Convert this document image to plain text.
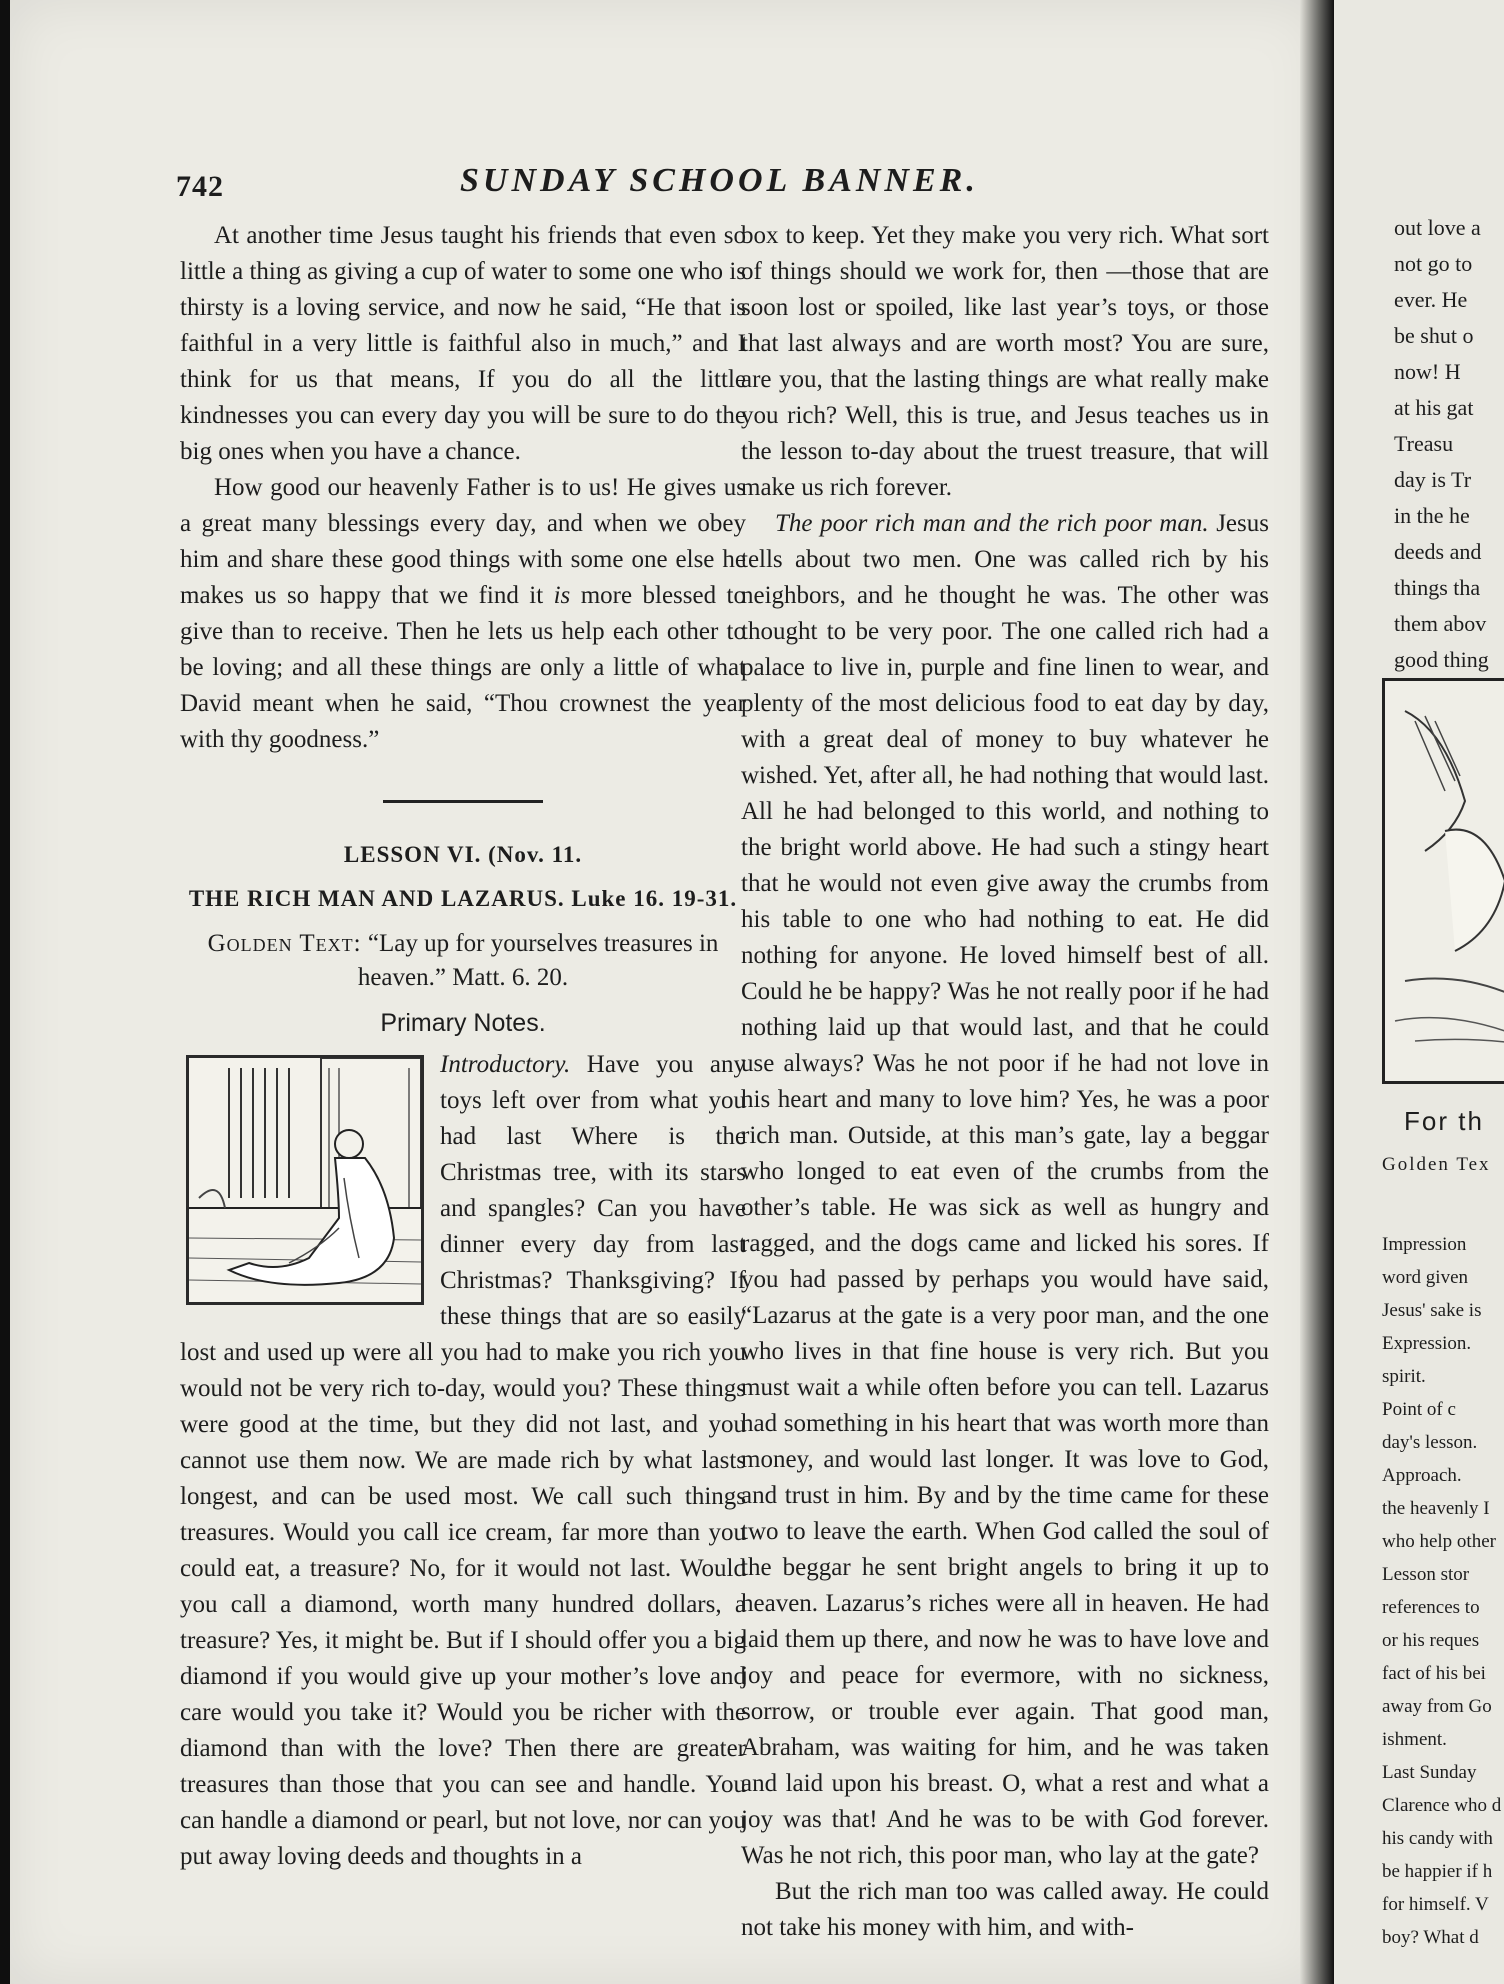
742	SUNDAY SCHOOL BANNER.

At another time Jesus taught his friends that even so little a thing as giving a cup of water to some one who is thirsty is a loving service, and now he said, “He that is faithful in a very little is faithful also in much,” and I think for us that means, If you do all the little kindnesses you can every day you will be sure to do the big ones when you have a chance.

How good our heavenly Father is to us! He gives us a great many blessings every day, and when we obey him and share these good things with some one else he makes us so happy that we find it is more blessed to give than to receive. Then he lets us help each other to be loving; and all these things are only a little of what David meant when he said, “Thou crownest the year with thy goodness.”

LESSON VI. (Nov. 11.
THE RICH MAN AND LAZARUS. Luke 16. 19-31.
Golden Text: “Lay up for yourselves treasures in heaven.” Matt. 6. 20.
Primary Notes.

Introductory. Have you any toys left over from what you had last Where is the Christmas tree, with its stars and spangles? Can you have dinner every day from last Christmas? Thanksgiving? If these things that are so easily lost and used up were all you had to make you rich you would not be very rich to-day, would you? These things were good at the time, but they did not last, and you cannot use them now. We are made rich by what lasts longest, and can be used most. We call such things treasures. Would you call ice cream, far more than you could eat, a treasure? No, for it would not last. Would you call a diamond, worth many hundred dollars, a treasure? Yes, it might be. But if I should offer you a big diamond if you would give up your mother’s love and care would you take it? Would you be richer with the diamond than with the love? Then there are greater treasures than those that you can see and handle. You can handle a diamond or pearl, but not love, nor can you put away loving deeds and thoughts in a

box to keep. Yet they make you very rich. What sort of things should we work for, then —those that are soon lost or spoiled, like last year’s toys, or those that last always and are worth most? You are sure, are you, that the lasting things are what really make you rich? Well, this is true, and Jesus teaches us in the lesson to-day about the truest treasure, that will make us rich forever.

The poor rich man and the rich poor man. Jesus tells about two men. One was called rich by his neighbors, and he thought he was. The other was thought to be very poor. The one called rich had a palace to live in, purple and fine linen to wear, and plenty of the most delicious food to eat day by day, with a great deal of money to buy whatever he wished. Yet, after all, he had nothing that would last. All he had belonged to this world, and nothing to the bright world above. He had such a stingy heart that he would not even give away the crumbs from his table to one who had nothing to eat. He did nothing for anyone. He loved himself best of all. Could he be happy? Was he not really poor if he had nothing laid up that would last, and that he could use always? Was he not poor if he had not love in his heart and many to love him? Yes, he was a poor rich man. Outside, at this man’s gate, lay a beggar who longed to eat even of the crumbs from the other’s table. He was sick as well as hungry and ragged, and the dogs came and licked his sores. If you had passed by perhaps you would have said, “Lazarus at the gate is a very poor man, and the one who lives in that fine house is very rich. But you must wait a while often before you can tell. Lazarus had something in his heart that was worth more than money, and would last longer. It was love to God, and trust in him. By and by the time came for these two to leave the earth. When God called the soul of the beggar he sent bright angels to bring it up to heaven. Lazarus’s riches were all in heaven. He had laid them up there, and now he was to have love and joy and peace for evermore, with no sickness, sorrow, or trouble ever again. That good man, Abraham, was waiting for him, and he was taken and laid upon his breast. O, what a rest and what a joy was that! And he was to be with God forever. Was he not rich, this poor man, who lay at the gate?

But the rich man too was called away. He could not take his money with him, and with-

out love a
not go to
ever. He
be shut o
now! H
at his gat
Treasu
day is Tr
in the he
deeds and
things tha
them abov
good thing
For th
Golden Tex
Impression
word given
Jesus' sake is
Expression.
spirit.
Point of c
day's lesson.
Approach.
the heavenly I
who help other
Lesson stor
references to
or his reques
fact of his bei
away from Go
ishment.
Last Sunday
Clarence who d
his candy with
be happier if h
for himself. V
boy? What d
